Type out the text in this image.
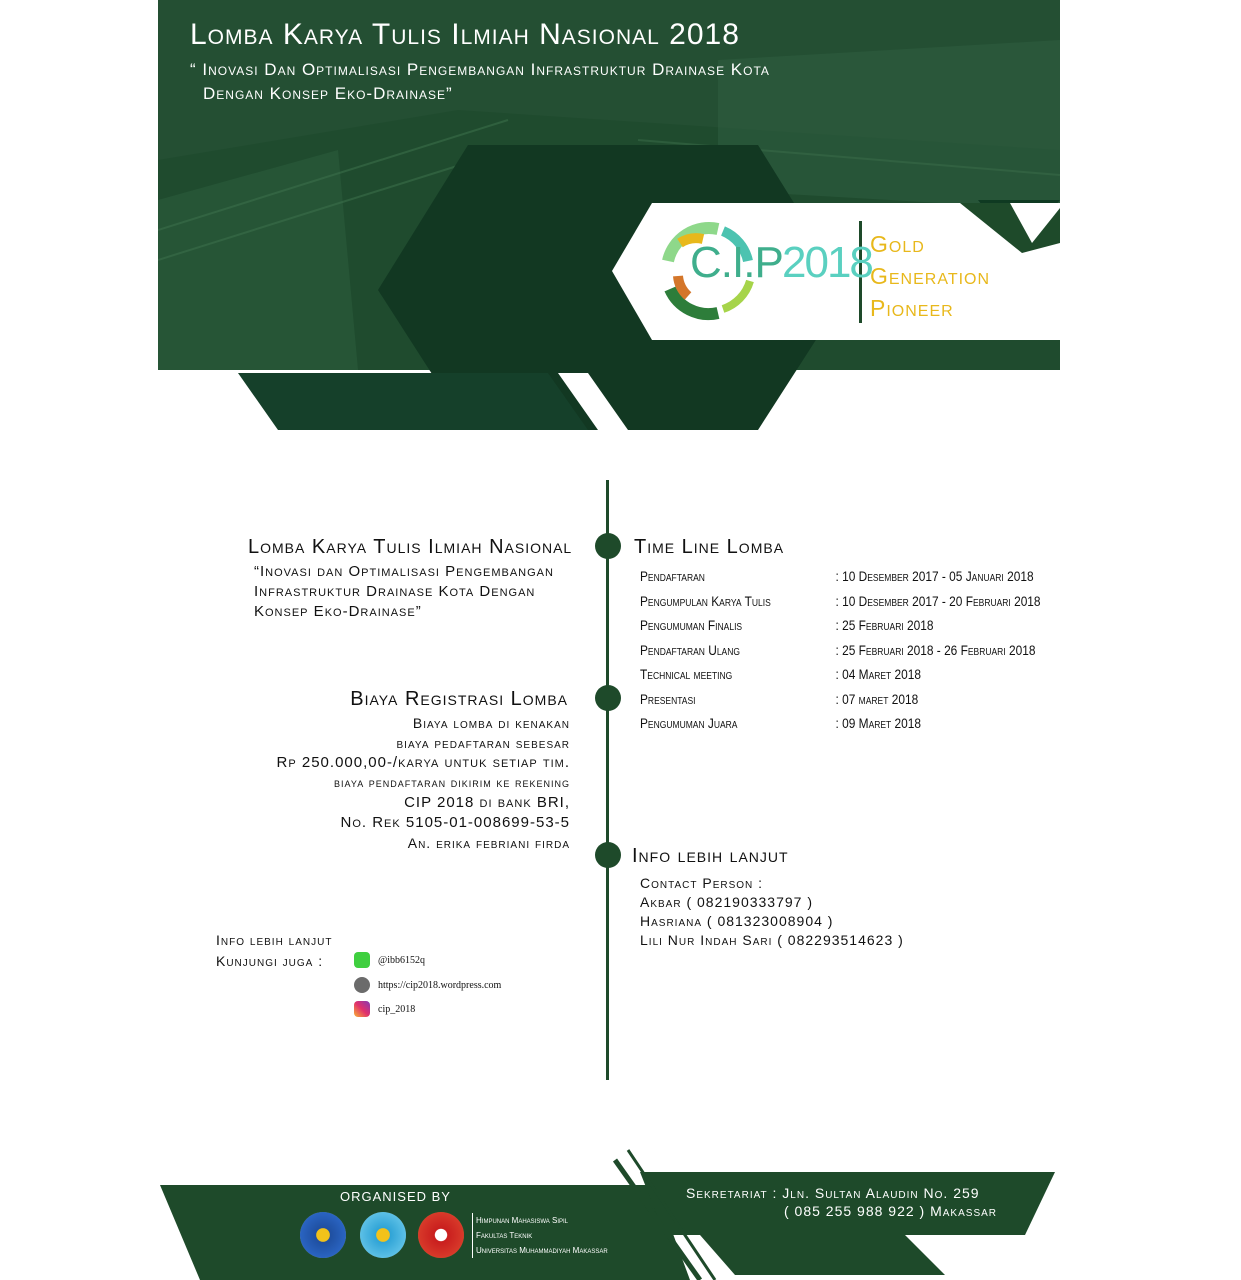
C.I.P 2018
Gold
Generation
Pioneer
Lomba Karya Tulis Ilmiah Nasional 2018
“ Inovasi Dan Optimalisasi Pengembangan Infrastruktur Drainase Kota
Dengan Konsep Eko-Drainase”
Lomba Karya Tulis Ilmiah Nasional
“Inovasi dan Optimalisasi Pengembangan
Infrastruktur Drainase Kota Dengan
Konsep Eko-Drainase”
Biaya Registrasi Lomba
Biaya lomba di kenakan
biaya pedaftaran sebesar
Rp 250.000,00-/karya untuk setiap tim.
biaya pendaftaran dikirim ke rekening
CIP 2018 di bank BRI,
No. Rek 5105-01-008699-53-5
An. erika febriani firda
Info lebih lanjut
Kunjungi juga :	@ibb6152q
https://cip2018.wordpress.com
cip_2018
Time Line Lomba
Pendaftaran	: 10 Desember 2017 - 05 Januari 2018
Pengumpulan Karya Tulis	: 10 Desember 2017 - 20 Februari 2018
Pengumuman Finalis	: 25 Februari 2018
Pendaftaran Ulang	: 25 Februari 2018 - 26 Februari 2018
Technical meeting	: 04 Maret 2018
Presentasi	: 07 maret 2018
Pengumuman Juara	: 09 Maret 2018
Info lebih lanjut
Contact Person :
Akbar ( 082190333797 )
Hasriana ( 081323008904 )
Lili Nur Indah Sari ( 082293514623 )
ORGANISED BY
Himpunan Mahasiswa Sipil
Fakultas Teknik
Universitas Muhammadiyah Makassar
Sekretariat : Jln. Sultan Alaudin No. 259
( 085 255 988 922 ) Makassar
